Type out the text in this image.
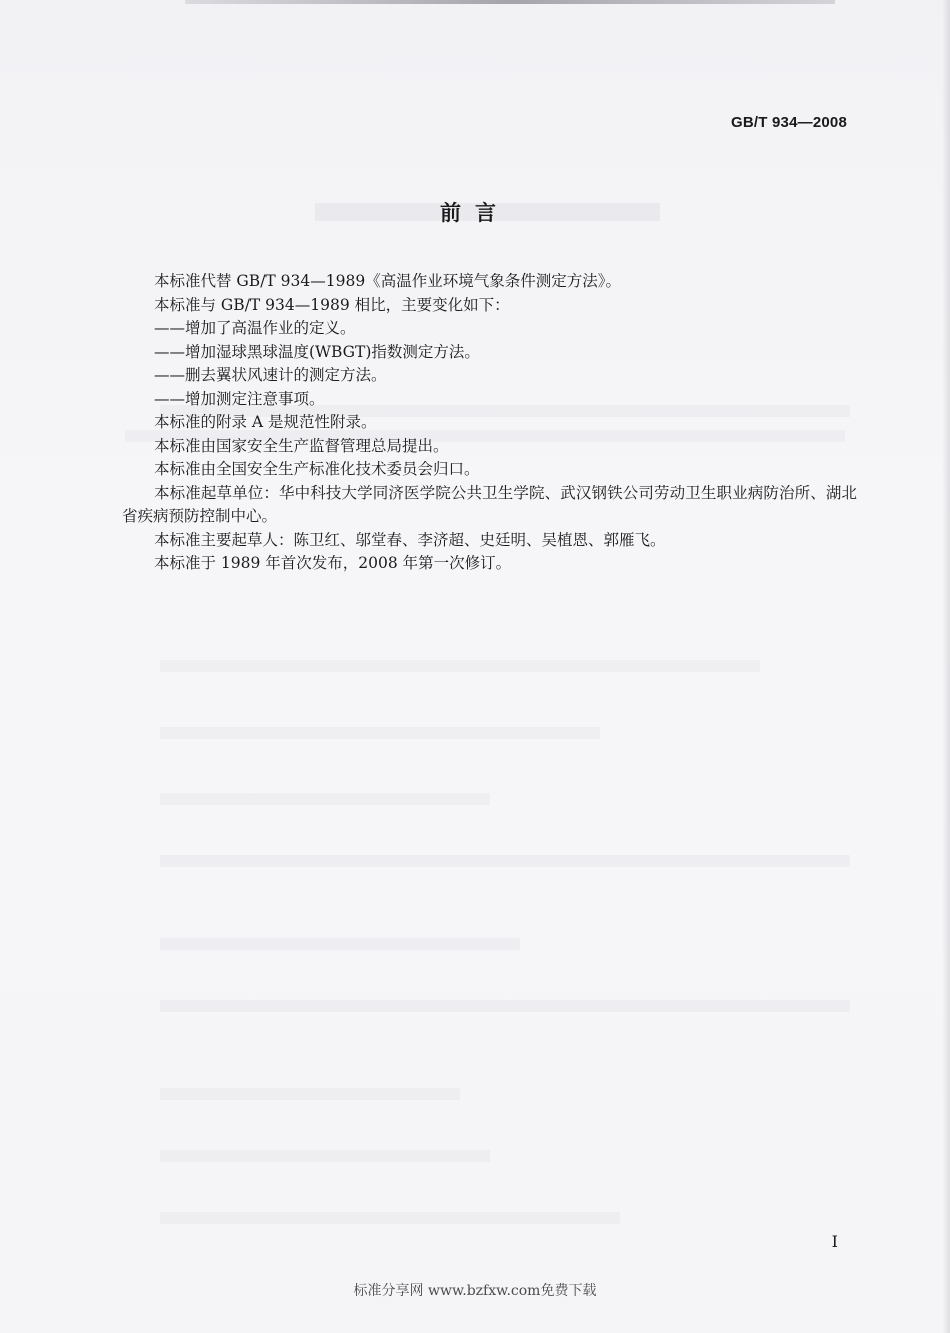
GB/T 934—2008
前言

本标准代替 GB/T 934—1989《高温作业环境气象条件测定方法》。

本标准与 GB/T 934—1989 相比，主要变化如下：

——增加了高温作业的定义。

——增加湿球黑球温度(WBGT)指数测定方法。

——删去翼状风速计的测定方法。

——增加测定注意事项。

本标准的附录 A 是规范性附录。

本标准由国家安全生产监督管理总局提出。

本标准由全国安全生产标准化技术委员会归口。

本标准起草单位：华中科技大学同济医学院公共卫生学院、武汉钢铁公司劳动卫生职业病防治所、湖北省疾病预防控制中心。

本标准主要起草人：陈卫红、邬堂春、李济超、史廷明、吴植恩、郭雁飞。

本标准于 1989 年首次发布，2008 年第一次修订。

I
标准分享网 www.bzfxw.com免费下载
